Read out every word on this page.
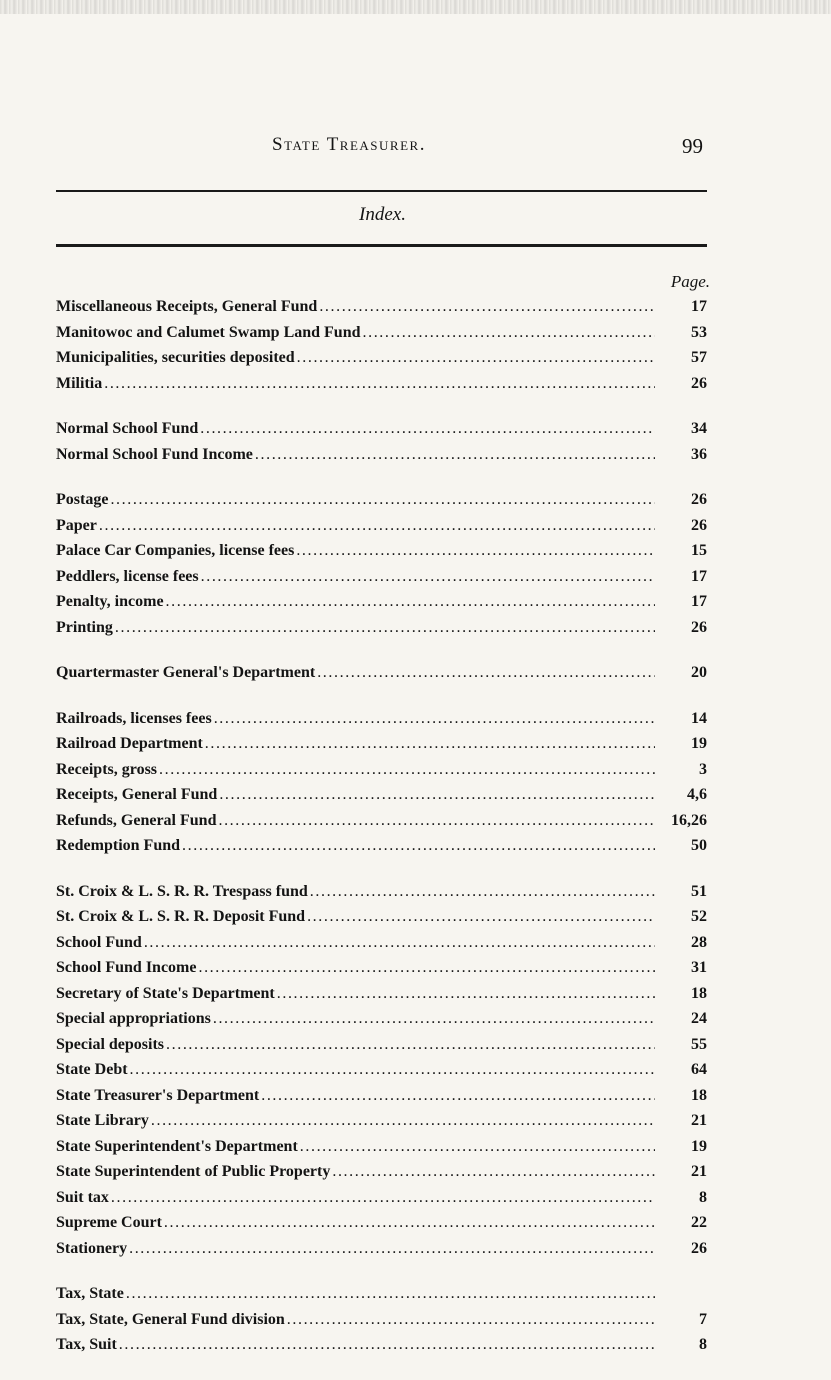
State Treasurer.	99
Index.
Page.
Miscellaneous Receipts, General Fund . . .	17
Manitowoc and Calumet Swamp Land Fund . . .	53
Municipalities, securities deposited . . .	57
Militia . . .	26
Normal School Fund . . .	34
Normal School Fund Income . . .	36
Postage . . .	26
Paper . . .	26
Palace Car Companies, license fees . . .	15
Peddlers, license fees . . .	17
Penalty, income . . .	17
Printing . . .	26
Quartermaster General's Department . . .	20
Railroads, licenses fees . . .	14
Railroad Department . . .	19
Receipts, gross . . .	3
Receipts, General Fund . . .	4,6
Refunds, General Fund . . .	16,26
Redemption Fund . . .	50
St. Croix & L. S. R. R. Trespass fund . . .	51
St. Croix & L. S. R. R. Deposit Fund . . .	52
School Fund . . .	28
School Fund Income . . .	31
Secretary of State's Department . . .	18
Special appropriations . . .	24
Special deposits . . .	55
State Debt . . .	64
State Treasurer's Department . . .	18
State Library . . .	21
State Superintendent's Department . . .	19
State Superintendent of Public Property . . .	21
Suit tax . . .	8
Supreme Court . . .	22
Stationery . . .	26
Tax, State
. . .
Tax, State, General Fund division . . .	7
Tax, Suit . . .	8
